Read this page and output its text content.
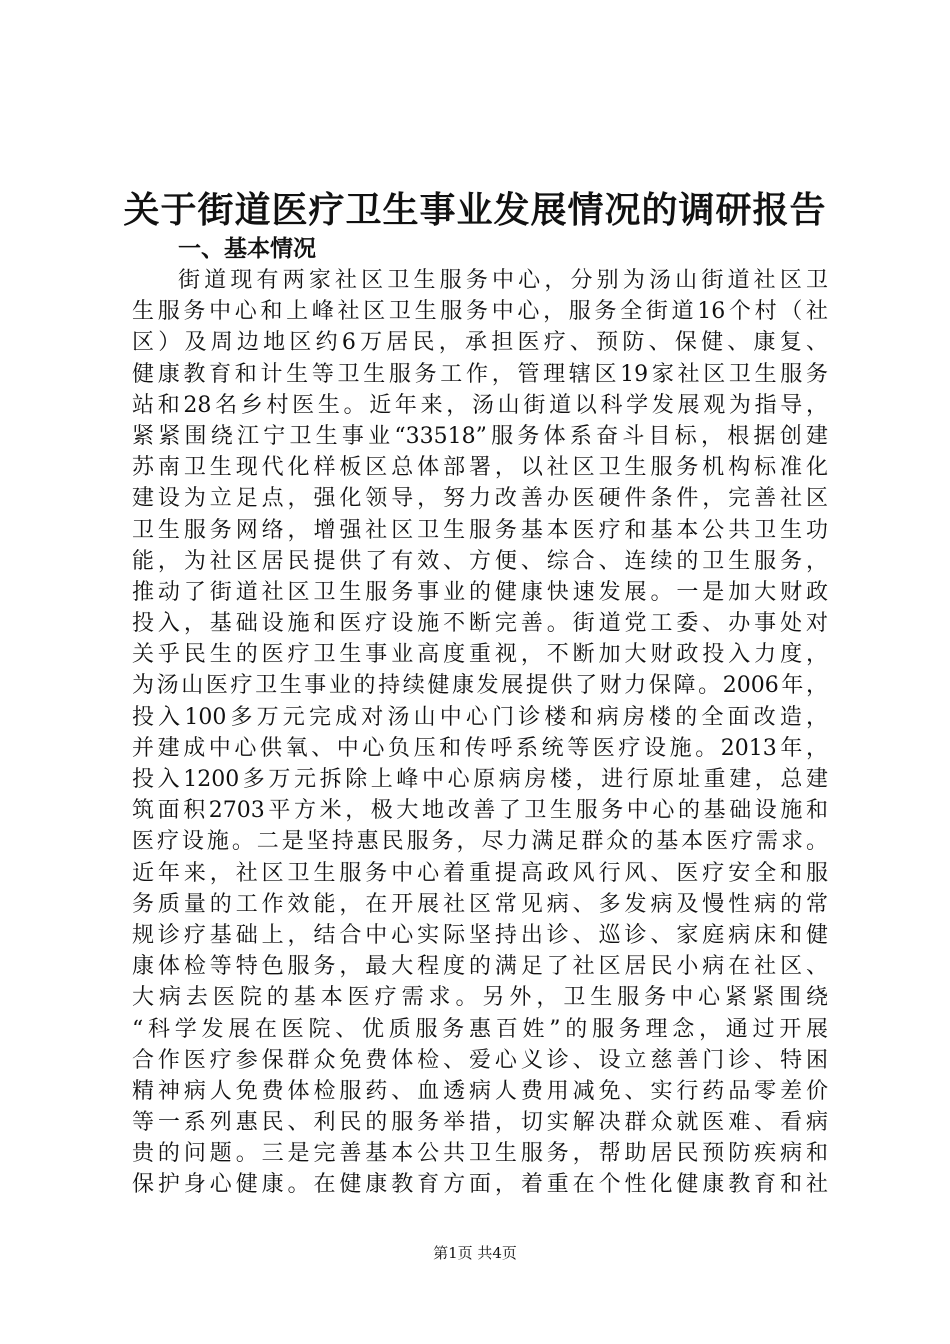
关于街道医疗卫生事业发展情况的调研报告
一、基本情况
街道现有两家社区卫生服务中心，分别为汤山街道社区卫
生服务中心和上峰社区卫生服务中心，服务全街道16个村（社
区）及周边地区约6万居民，承担医疗、预防、保健、康复、
健康教育和计生等卫生服务工作，管理辖区19家社区卫生服务
站和28名乡村医生。近年来，汤山街道以科学发展观为指导，
紧紧围绕江宁卫生事业“33518”服务体系奋斗目标，根据创建
苏南卫生现代化样板区总体部署，以社区卫生服务机构标准化
建设为立足点，强化领导，努力改善办医硬件条件，完善社区
卫生服务网络，增强社区卫生服务基本医疗和基本公共卫生功
能，为社区居民提供了有效、方便、综合、连续的卫生服务，
推动了街道社区卫生服务事业的健康快速发展。一是加大财政
投入，基础设施和医疗设施不断完善。街道党工委、办事处对
关乎民生的医疗卫生事业高度重视，不断加大财政投入力度，
为汤山医疗卫生事业的持续健康发展提供了财力保障。2006年，
投入100多万元完成对汤山中心门诊楼和病房楼的全面改造，
并建成中心供氧、中心负压和传呼系统等医疗设施。2013年，
投入1200多万元拆除上峰中心原病房楼，进行原址重建，总建
筑面积2703平方米，极大地改善了卫生服务中心的基础设施和
医疗设施。二是坚持惠民服务，尽力满足群众的基本医疗需求。
近年来，社区卫生服务中心着重提高政风行风、医疗安全和服
务质量的工作效能，在开展社区常见病、多发病及慢性病的常
规诊疗基础上，结合中心实际坚持出诊、巡诊、家庭病床和健
康体检等特色服务，最大程度的满足了社区居民小病在社区、
大病去医院的基本医疗需求。另外，卫生服务中心紧紧围绕
“科学发展在医院、优质服务惠百姓”的服务理念，通过开展
合作医疗参保群众免费体检、爱心义诊、设立慈善门诊、特困
精神病人免费体检服药、血透病人费用减免、实行药品零差价
等一系列惠民、利民的服务举措，切实解决群众就医难、看病
贵的问题。三是完善基本公共卫生服务，帮助居民预防疾病和
保护身心健康。在健康教育方面，着重在个性化健康教育和社
第1页 共4页
